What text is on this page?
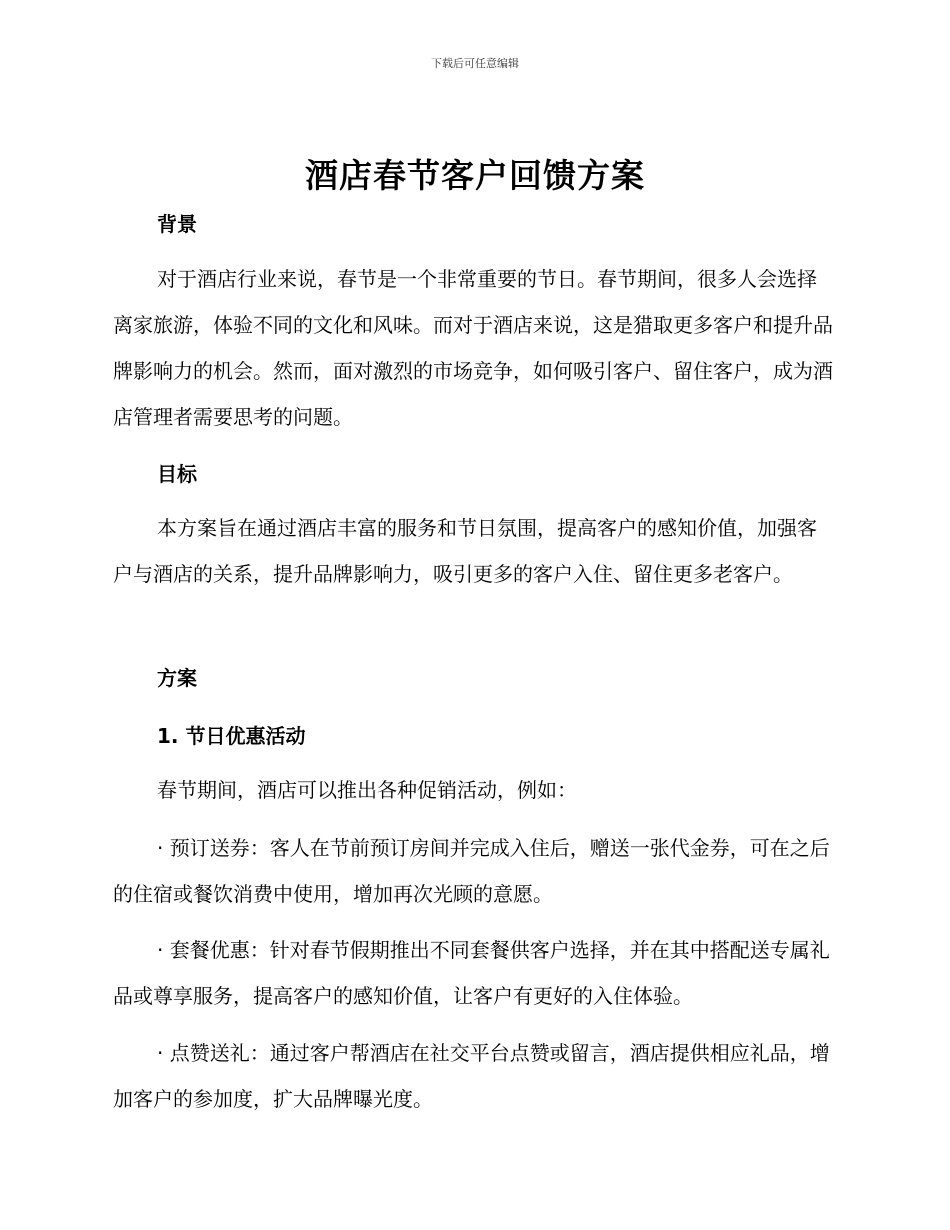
下载后可任意编辑
酒店春节客户回馈方案
背景

对于酒店行业来说，春节是一个非常重要的节日。春节期间，很多人会选择离家旅游，体验不同的文化和风味。而对于酒店来说，这是猎取更多客户和提升品牌影响力的机会。然而，面对激烈的市场竞争，如何吸引客户、留住客户，成为酒店管理者需要思考的问题。

目标

本方案旨在通过酒店丰富的服务和节日氛围，提高客户的感知价值，加强客户与酒店的关系，提升品牌影响力，吸引更多的客户入住、留住更多老客户。

方案
1. 节日优惠活动

春节期间，酒店可以推出各种促销活动，例如：

· 预订送券：客人在节前预订房间并完成入住后，赠送一张代金券，可在之后的住宿或餐饮消费中使用，增加再次光顾的意愿。

· 套餐优惠：针对春节假期推出不同套餐供客户选择，并在其中搭配送专属礼品或尊享服务，提高客户的感知价值，让客户有更好的入住体验。

· 点赞送礼：通过客户帮酒店在社交平台点赞或留言，酒店提供相应礼品，增加客户的参加度，扩大品牌曝光度。
